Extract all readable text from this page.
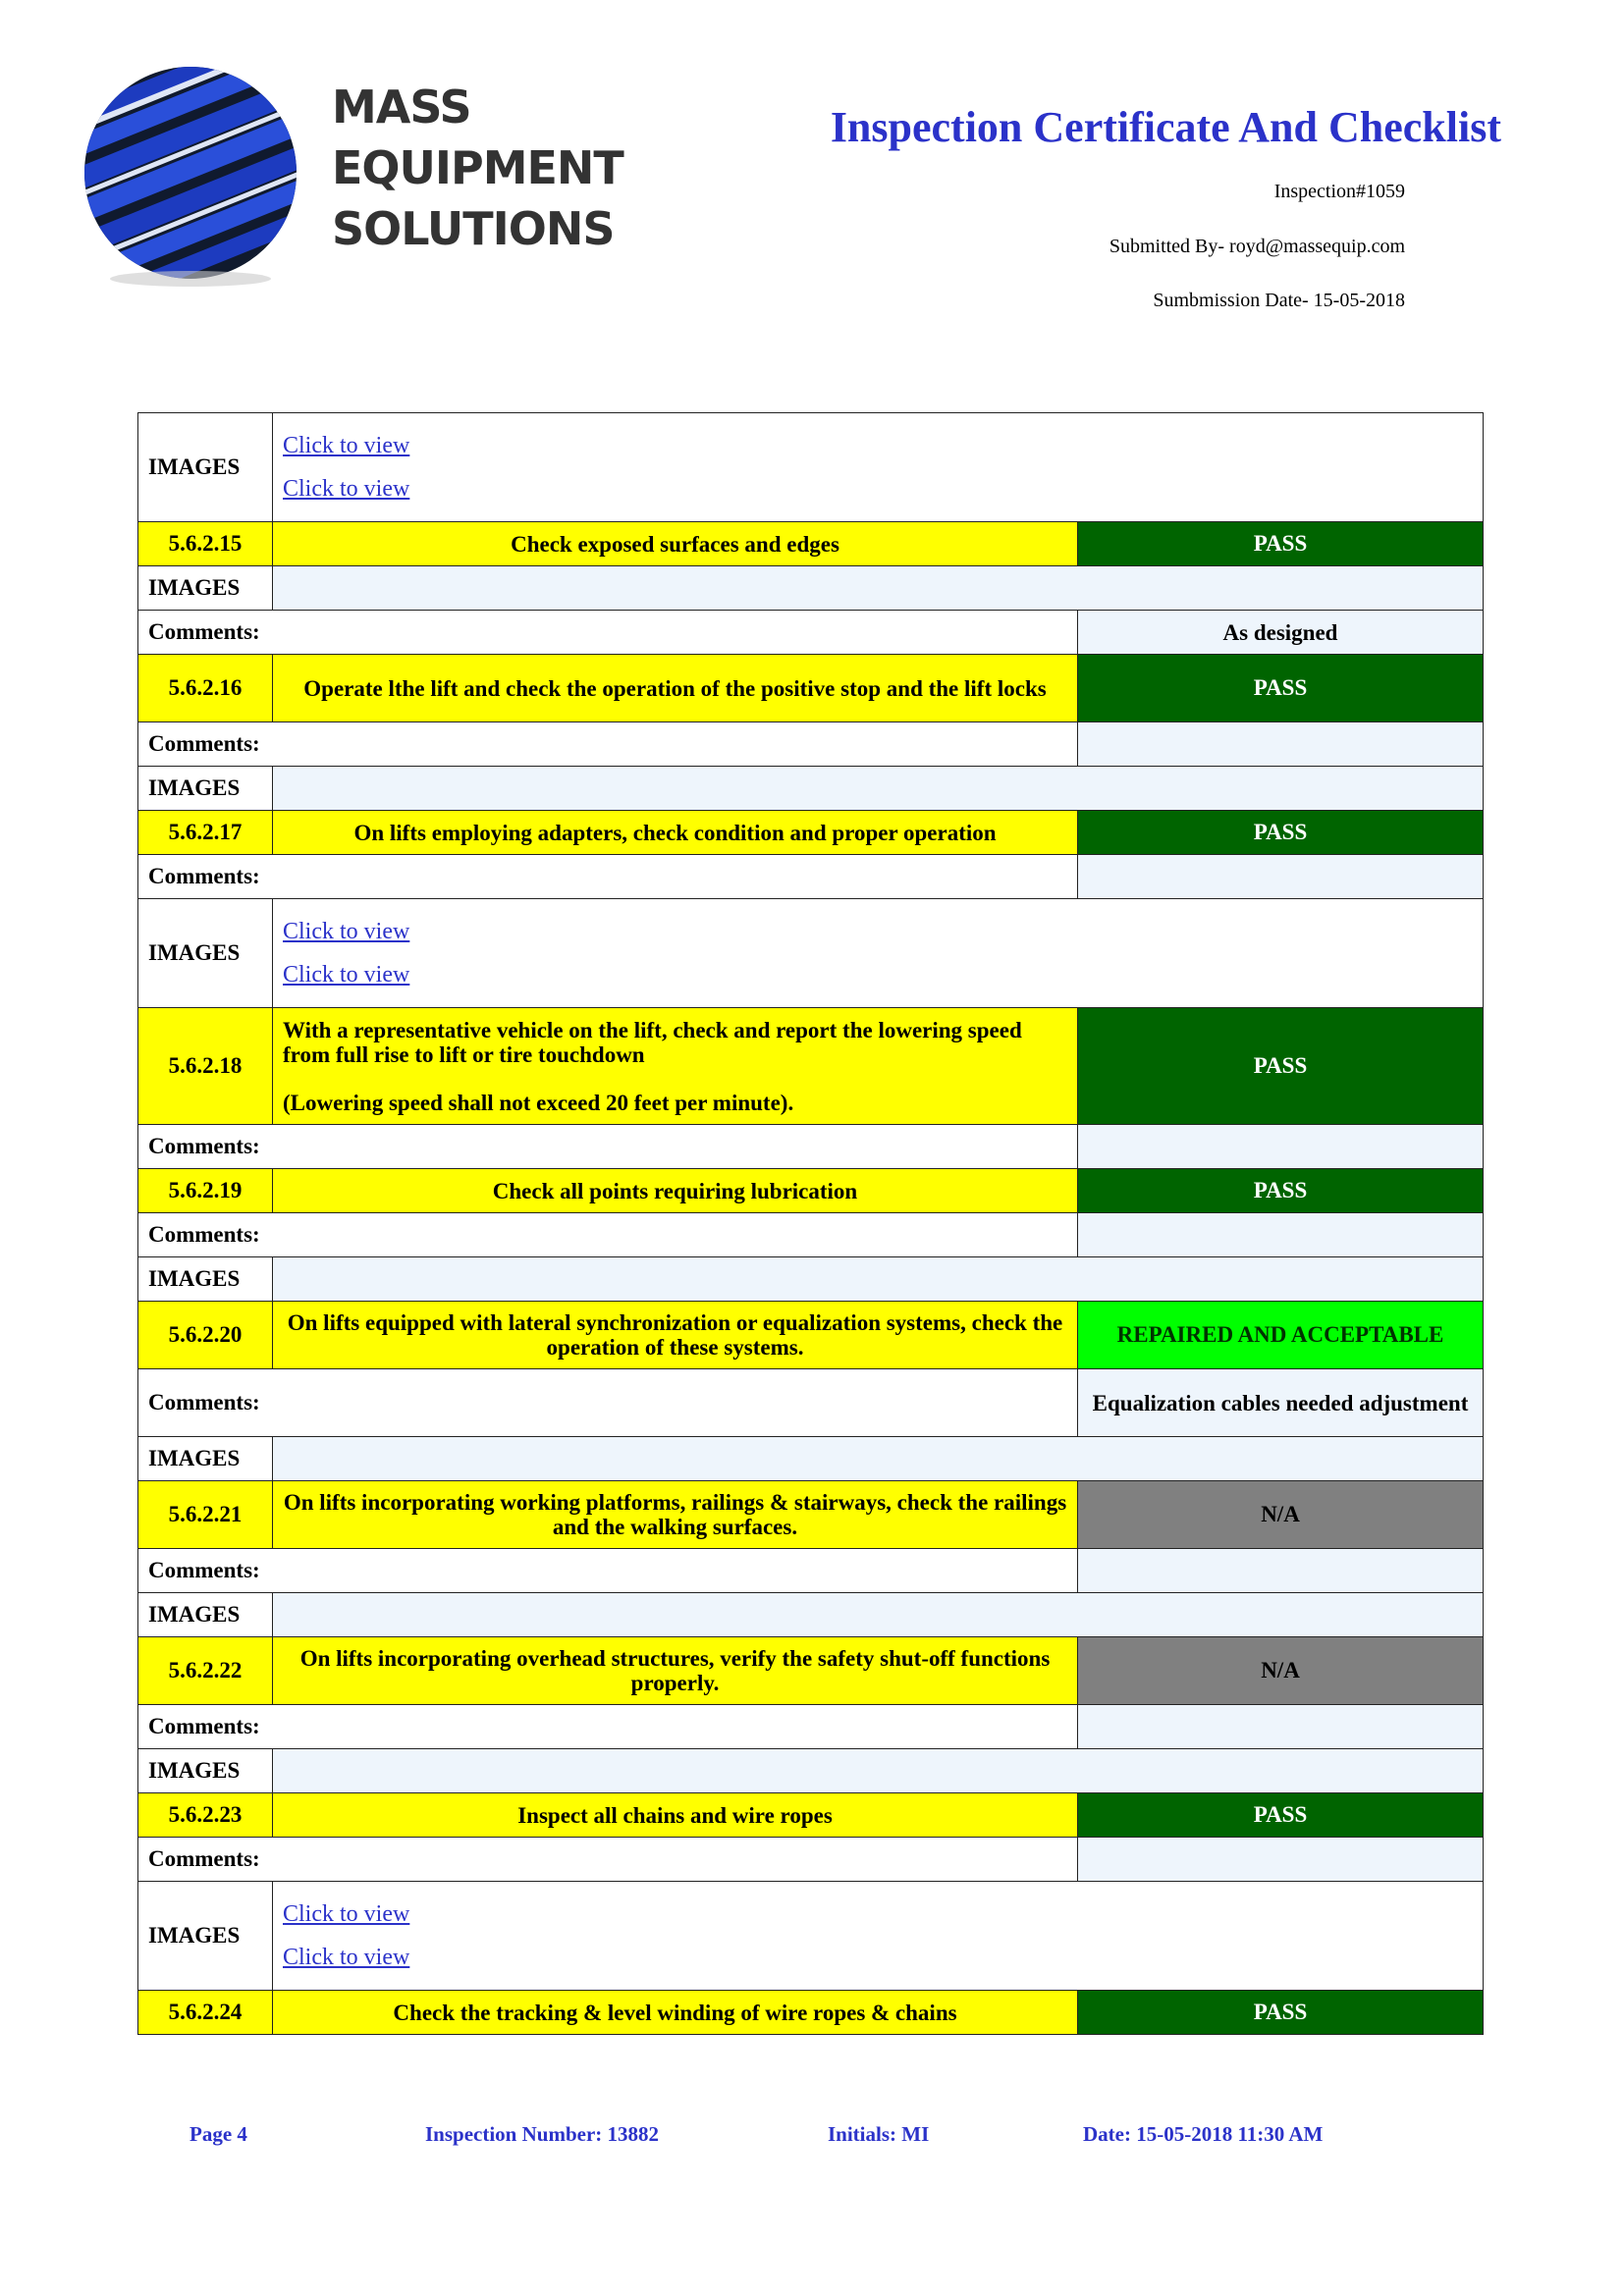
MASS
EQUIPMENT
SOLUTIONS
Inspection Certificate And Checklist
Inspection#1059
Submitted By- royd@massequip.com
Sumbmission Date- 15-05-2018
IMAGES	Click to view
Click to view	

5.6.2.15	Check exposed surfaces and edges	PASS
IMAGES		
Comments:		As designed
5.6.2.16	Operate lthe lift and check the operation of the positive stop and the lift locks	PASS
Comments:		
IMAGES		
5.6.2.17	On lifts employing adapters, check condition and proper operation	PASS
Comments:		
IMAGES	Click to view
Click to view	

5.6.2.18	With a representative vehicle on the lift, check and report the lowering speed from full rise to lift or tire touchdown
(Lowering speed shall not exceed 20 feet per minute).	PASS
Comments:		
5.6.2.19	Check all points requiring lubrication	PASS
Comments:		
IMAGES		
5.6.2.20	On lifts equipped with lateral synchronization or equalization systems, check the operation of these systems.	REPAIRED AND ACCEPTABLE
Comments:		Equalization cables needed adjustment
IMAGES		
5.6.2.21	On lifts incorporating working platforms, railings & stairways, check the railings and the walking surfaces.	N/A
Comments:		
IMAGES		
5.6.2.22	On lifts incorporating overhead structures, verify the safety shut-off functions properly.	N/A
Comments:		
IMAGES		
5.6.2.23	Inspect all chains and wire ropes	PASS
Comments:		
IMAGES	Click to view
Click to view	

5.6.2.24	Check the tracking & level winding of wire ropes & chains	PASS
Page 4	Inspection Number: 13882	Initials: MI	Date: 15-05-2018 11:30 AM
